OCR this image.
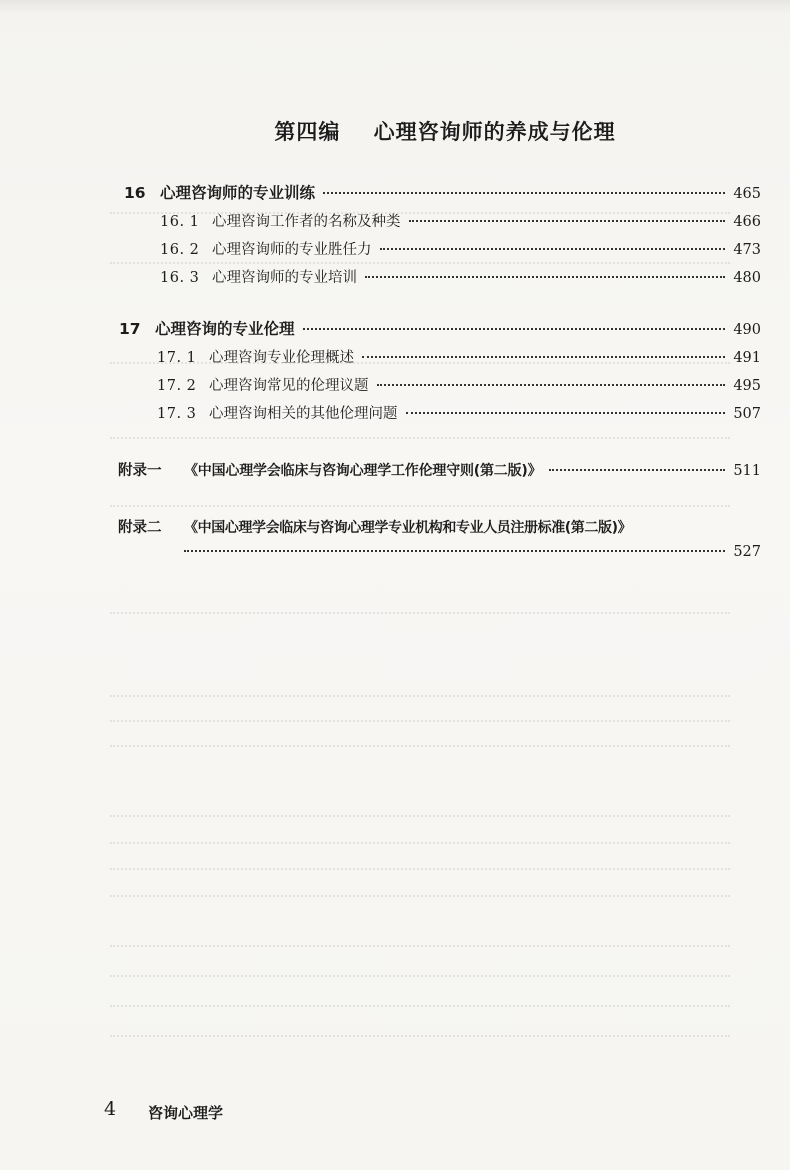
第四编    心理咨询师的养成与伦理
16 心理咨询师的专业训练	465
16. 1 心理咨询工作者的名称及种类	466
16. 2 心理咨询师的专业胜任力	473
16. 3 心理咨询师的专业培训	480
17 心理咨询的专业伦理	490
17. 1 心理咨询专业伦理概述	491
17. 2 心理咨询常见的伦理议题	495
17. 3 心理咨询相关的其他伦理问题	507
附录一	《中国心理学会临床与咨询心理学工作伦理守则(第二版)》	511
附录二	《中国心理学会临床与咨询心理学专业机构和专业人员注册标准(第二版)》
527
4 咨询心理学
